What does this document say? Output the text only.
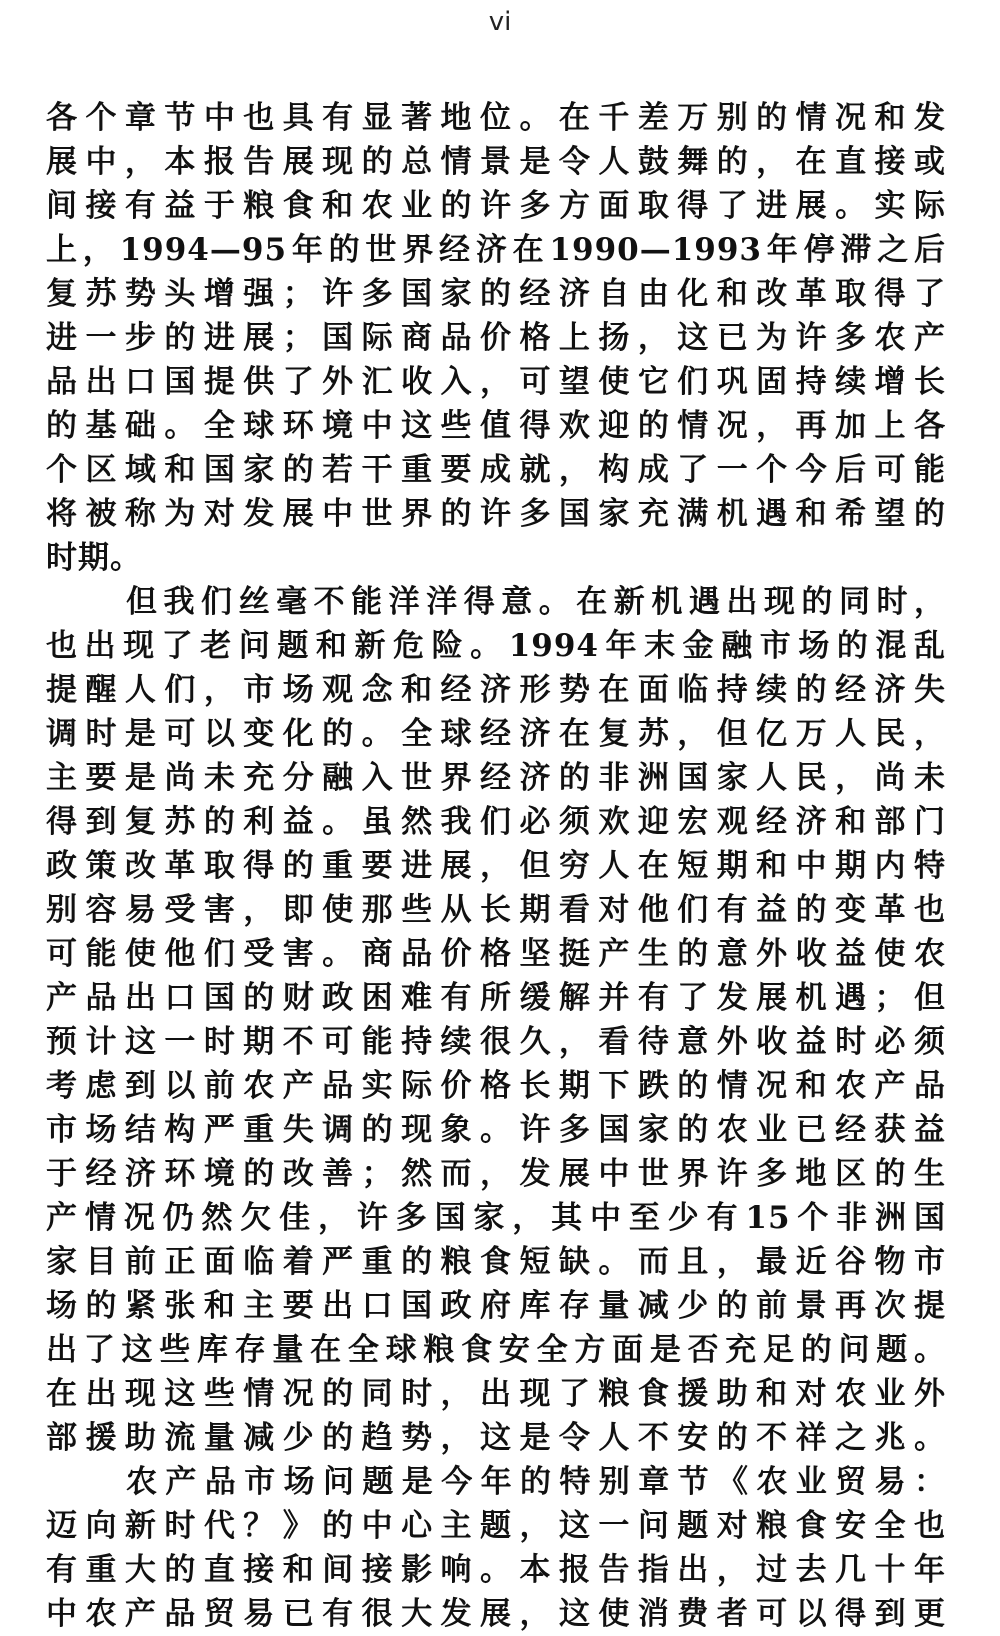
vi
各个章节中也具有显著地位。在千差万别的情况和发
展中，本报告展现的总情景是令人鼓舞的，在直接或
间接有益于粮食和农业的许多方面取得了进展。实际
上，1994—95年的世界经济在1990—1993年停滞之后
复苏势头增强；许多国家的经济自由化和改革取得了
进一步的进展；国际商品价格上扬，这已为许多农产
品出口国提供了外汇收入，可望使它们巩固持续增长
的基础。全球环境中这些值得欢迎的情况，再加上各
个区域和国家的若干重要成就，构成了一个今后可能
将被称为对发展中世界的许多国家充满机遇和希望的
时期。
但我们丝毫不能洋洋得意。在新机遇出现的同时，
也出现了老问题和新危险。1994年末金融市场的混乱
提醒人们，市场观念和经济形势在面临持续的经济失
调时是可以变化的。全球经济在复苏，但亿万人民，
主要是尚未充分融入世界经济的非洲国家人民，尚未
得到复苏的利益。虽然我们必须欢迎宏观经济和部门
政策改革取得的重要进展，但穷人在短期和中期内特
别容易受害，即使那些从长期看对他们有益的变革也
可能使他们受害。商品价格坚挺产生的意外收益使农
产品出口国的财政困难有所缓解并有了发展机遇；但
预计这一时期不可能持续很久，看待意外收益时必须
考虑到以前农产品实际价格长期下跌的情况和农产品
市场结构严重失调的现象。许多国家的农业已经获益
于经济环境的改善；然而，发展中世界许多地区的生
产情况仍然欠佳，许多国家，其中至少有15个非洲国
家目前正面临着严重的粮食短缺。而且，最近谷物市
场的紧张和主要出口国政府库存量减少的前景再次提
出了这些库存量在全球粮食安全方面是否充足的问题。
在出现这些情况的同时，出现了粮食援助和对农业外
部援助流量减少的趋势，这是令人不安的不祥之兆。
农产品市场问题是今年的特别章节《农业贸易：
迈向新时代？》的中心主题，这一问题对粮食安全也
有重大的直接和间接影响。本报告指出，过去几十年
中农产品贸易已有很大发展，这使消费者可以得到更
